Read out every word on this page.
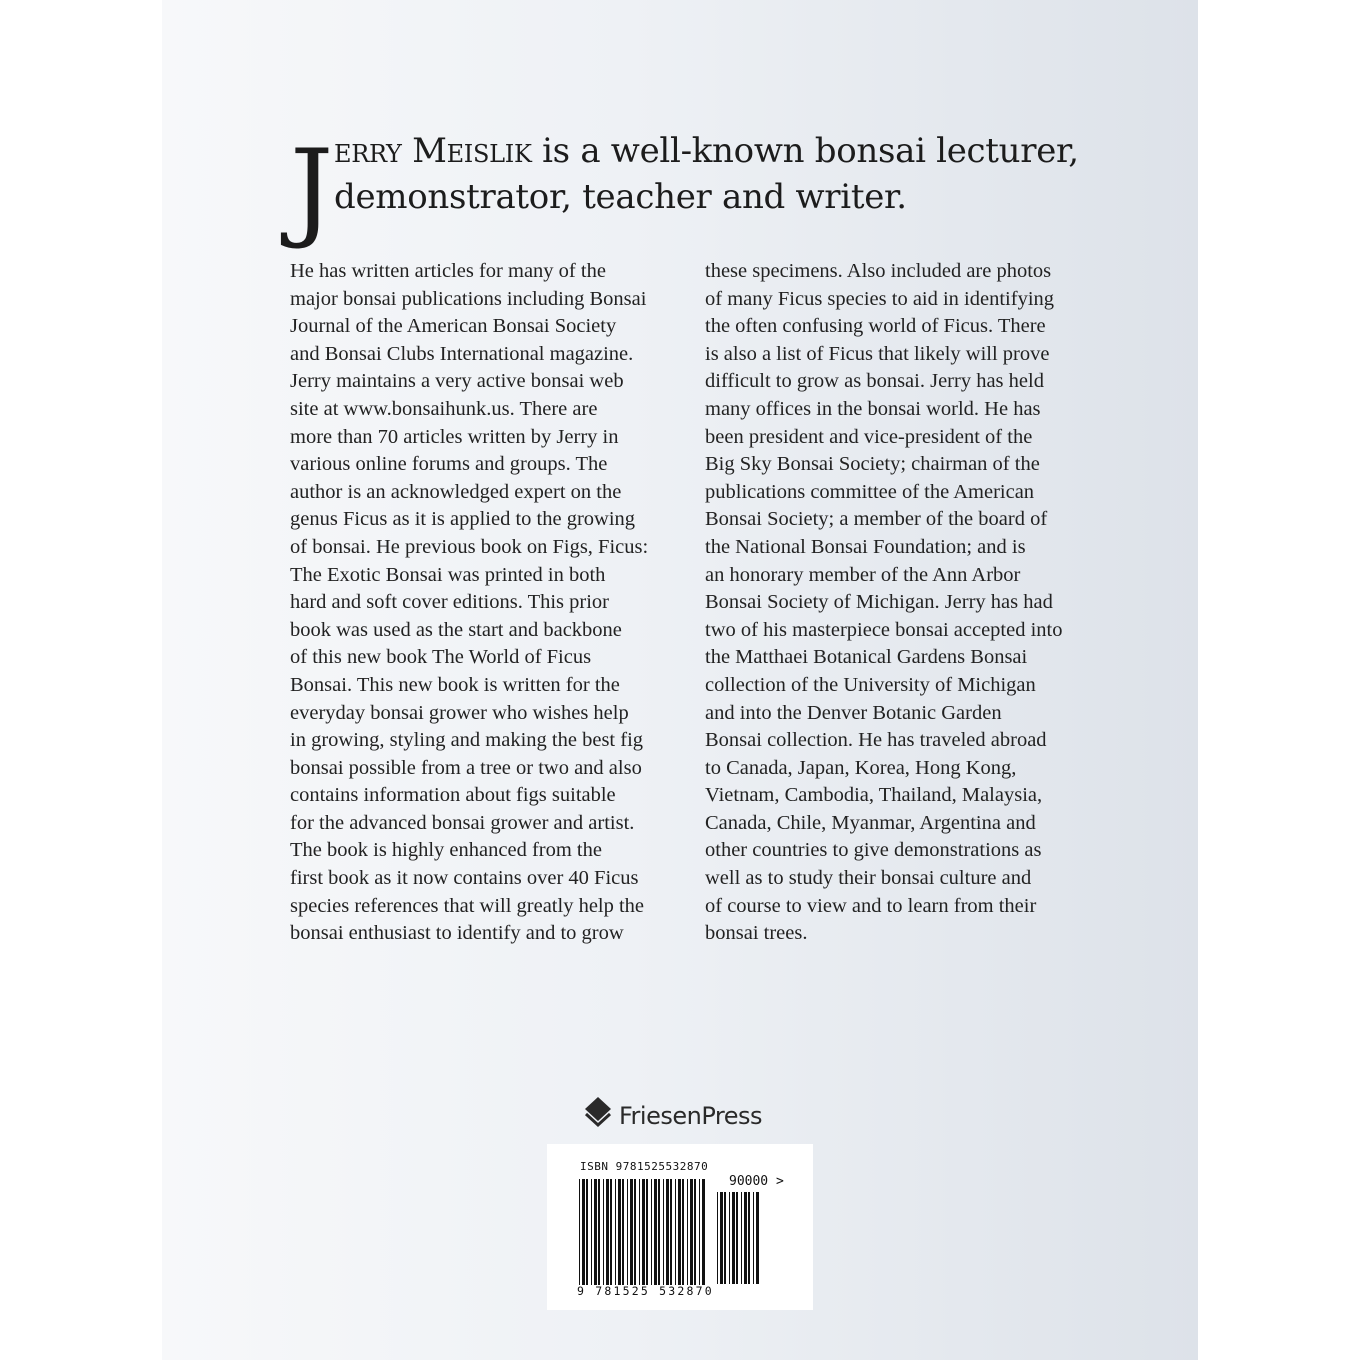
J erry Meislik is a well-known bonsai lecturer,
demonstrator, teacher and writer.
He has written articles for many of the
major bonsai publications including Bonsai
Journal of the American Bonsai Society
and Bonsai Clubs International magazine.
Jerry maintains a very active bonsai web
site at www.bonsaihunk.us. There are
more than 70 articles written by Jerry in
various online forums and groups. The
author is an acknowledged expert on the
genus Ficus as it is applied to the growing
of bonsai. He previous book on Figs, Ficus:
The Exotic Bonsai was printed in both
hard and soft cover editions. This prior
book was used as the start and backbone
of this new book The World of Ficus
Bonsai. This new book is written for the
everyday bonsai grower who wishes help
in growing, styling and making the best fig
bonsai possible from a tree or two and also
contains information about figs suitable
for the advanced bonsai grower and artist.
The book is highly enhanced from the
first book as it now contains over 40 Ficus
species references that will greatly help the
bonsai enthusiast to identify and to grow
these specimens. Also included are photos
of many Ficus species to aid in identifying
the often confusing world of Ficus. There
is also a list of Ficus that likely will prove
difficult to grow as bonsai. Jerry has held
many offices in the bonsai world. He has
been president and vice-president of the
Big Sky Bonsai Society; chairman of the
publications committee of the American
Bonsai Society; a member of the board of
the National Bonsai Foundation; and is
an honorary member of the Ann Arbor
Bonsai Society of Michigan. Jerry has had
two of his masterpiece bonsai accepted into
the Matthaei Botanical Gardens Bonsai
collection of the University of Michigan
and into the Denver Botanic Garden
Bonsai collection. He has traveled abroad
to Canada, Japan, Korea, Hong Kong,
Vietnam, Cambodia, Thailand, Malaysia,
Canada, Chile, Myanmar, Argentina and
other countries to give demonstrations as
well as to study their bonsai culture and
of course to view and to learn from their
bonsai trees.
FriesenPress
ISBN 9781525532870
90000 >
9 781525 532870
